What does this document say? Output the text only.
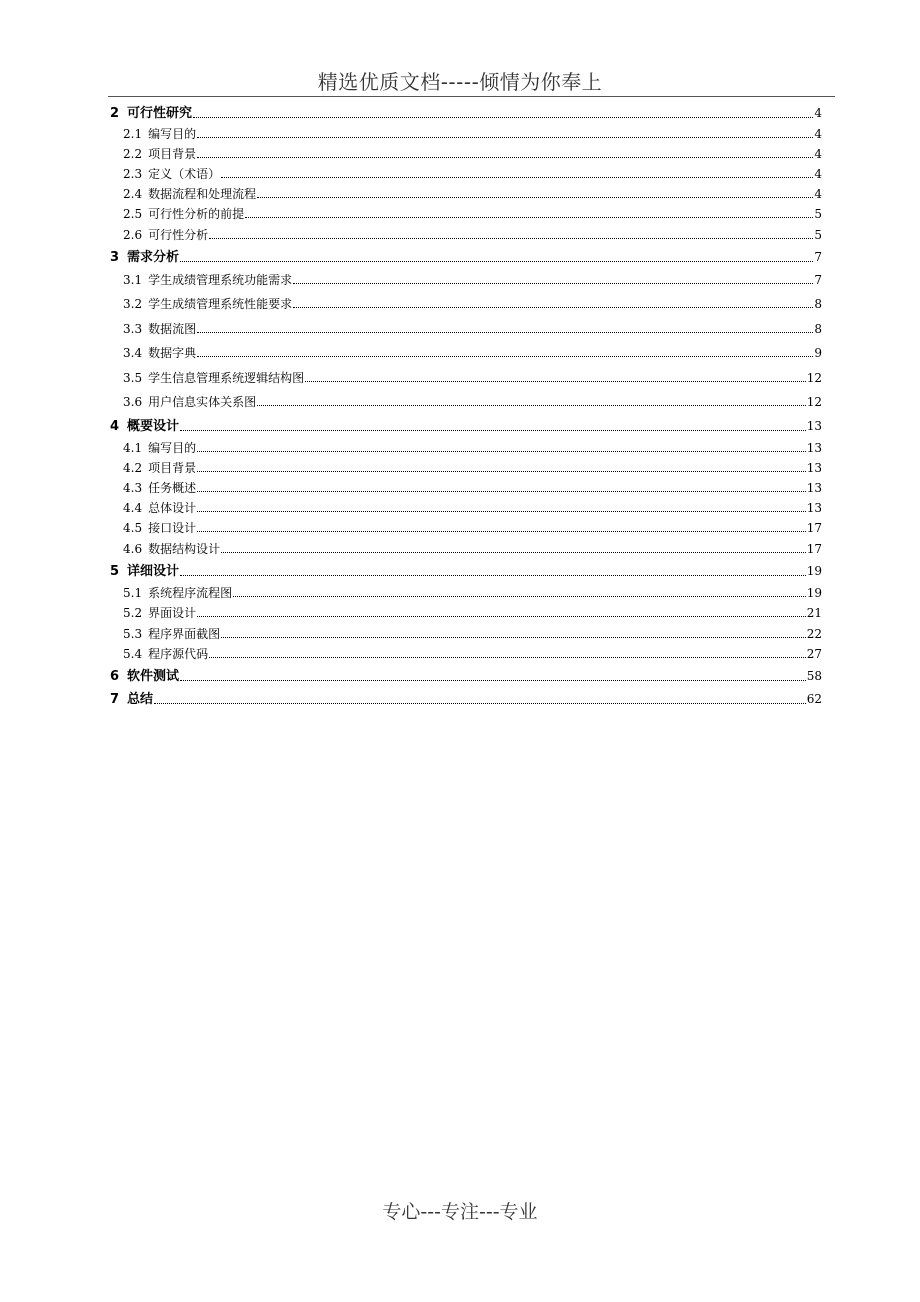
精选优质文档-----倾情为你奉上
2 可行性研究	4
2.1 编写目的	4
2.2 项目背景	4
2.3 定义（术语）	4
2.4 数据流程和处理流程	4
2.5 可行性分析的前提	5
2.6 可行性分析	5
3 需求分析	7
3.1 学生成绩管理系统功能需求	7
3.2 学生成绩管理系统性能要求	8
3.3 数据流图	8
3.4 数据字典	9
3.5 学生信息管理系统逻辑结构图	12
3.6 用户信息实体关系图	12
4 概要设计	13
4.1 编写目的	13
4.2 项目背景	13
4.3 任务概述	13
4.4 总体设计	13
4.5 接口设计	17
4.6 数据结构设计	17
5 详细设计	19
5.1 系统程序流程图	19
5.2 界面设计	21
5.3 程序界面截图	22
5.4 程序源代码	27
6 软件测试	58
7 总结	62
专心---专注---专业
